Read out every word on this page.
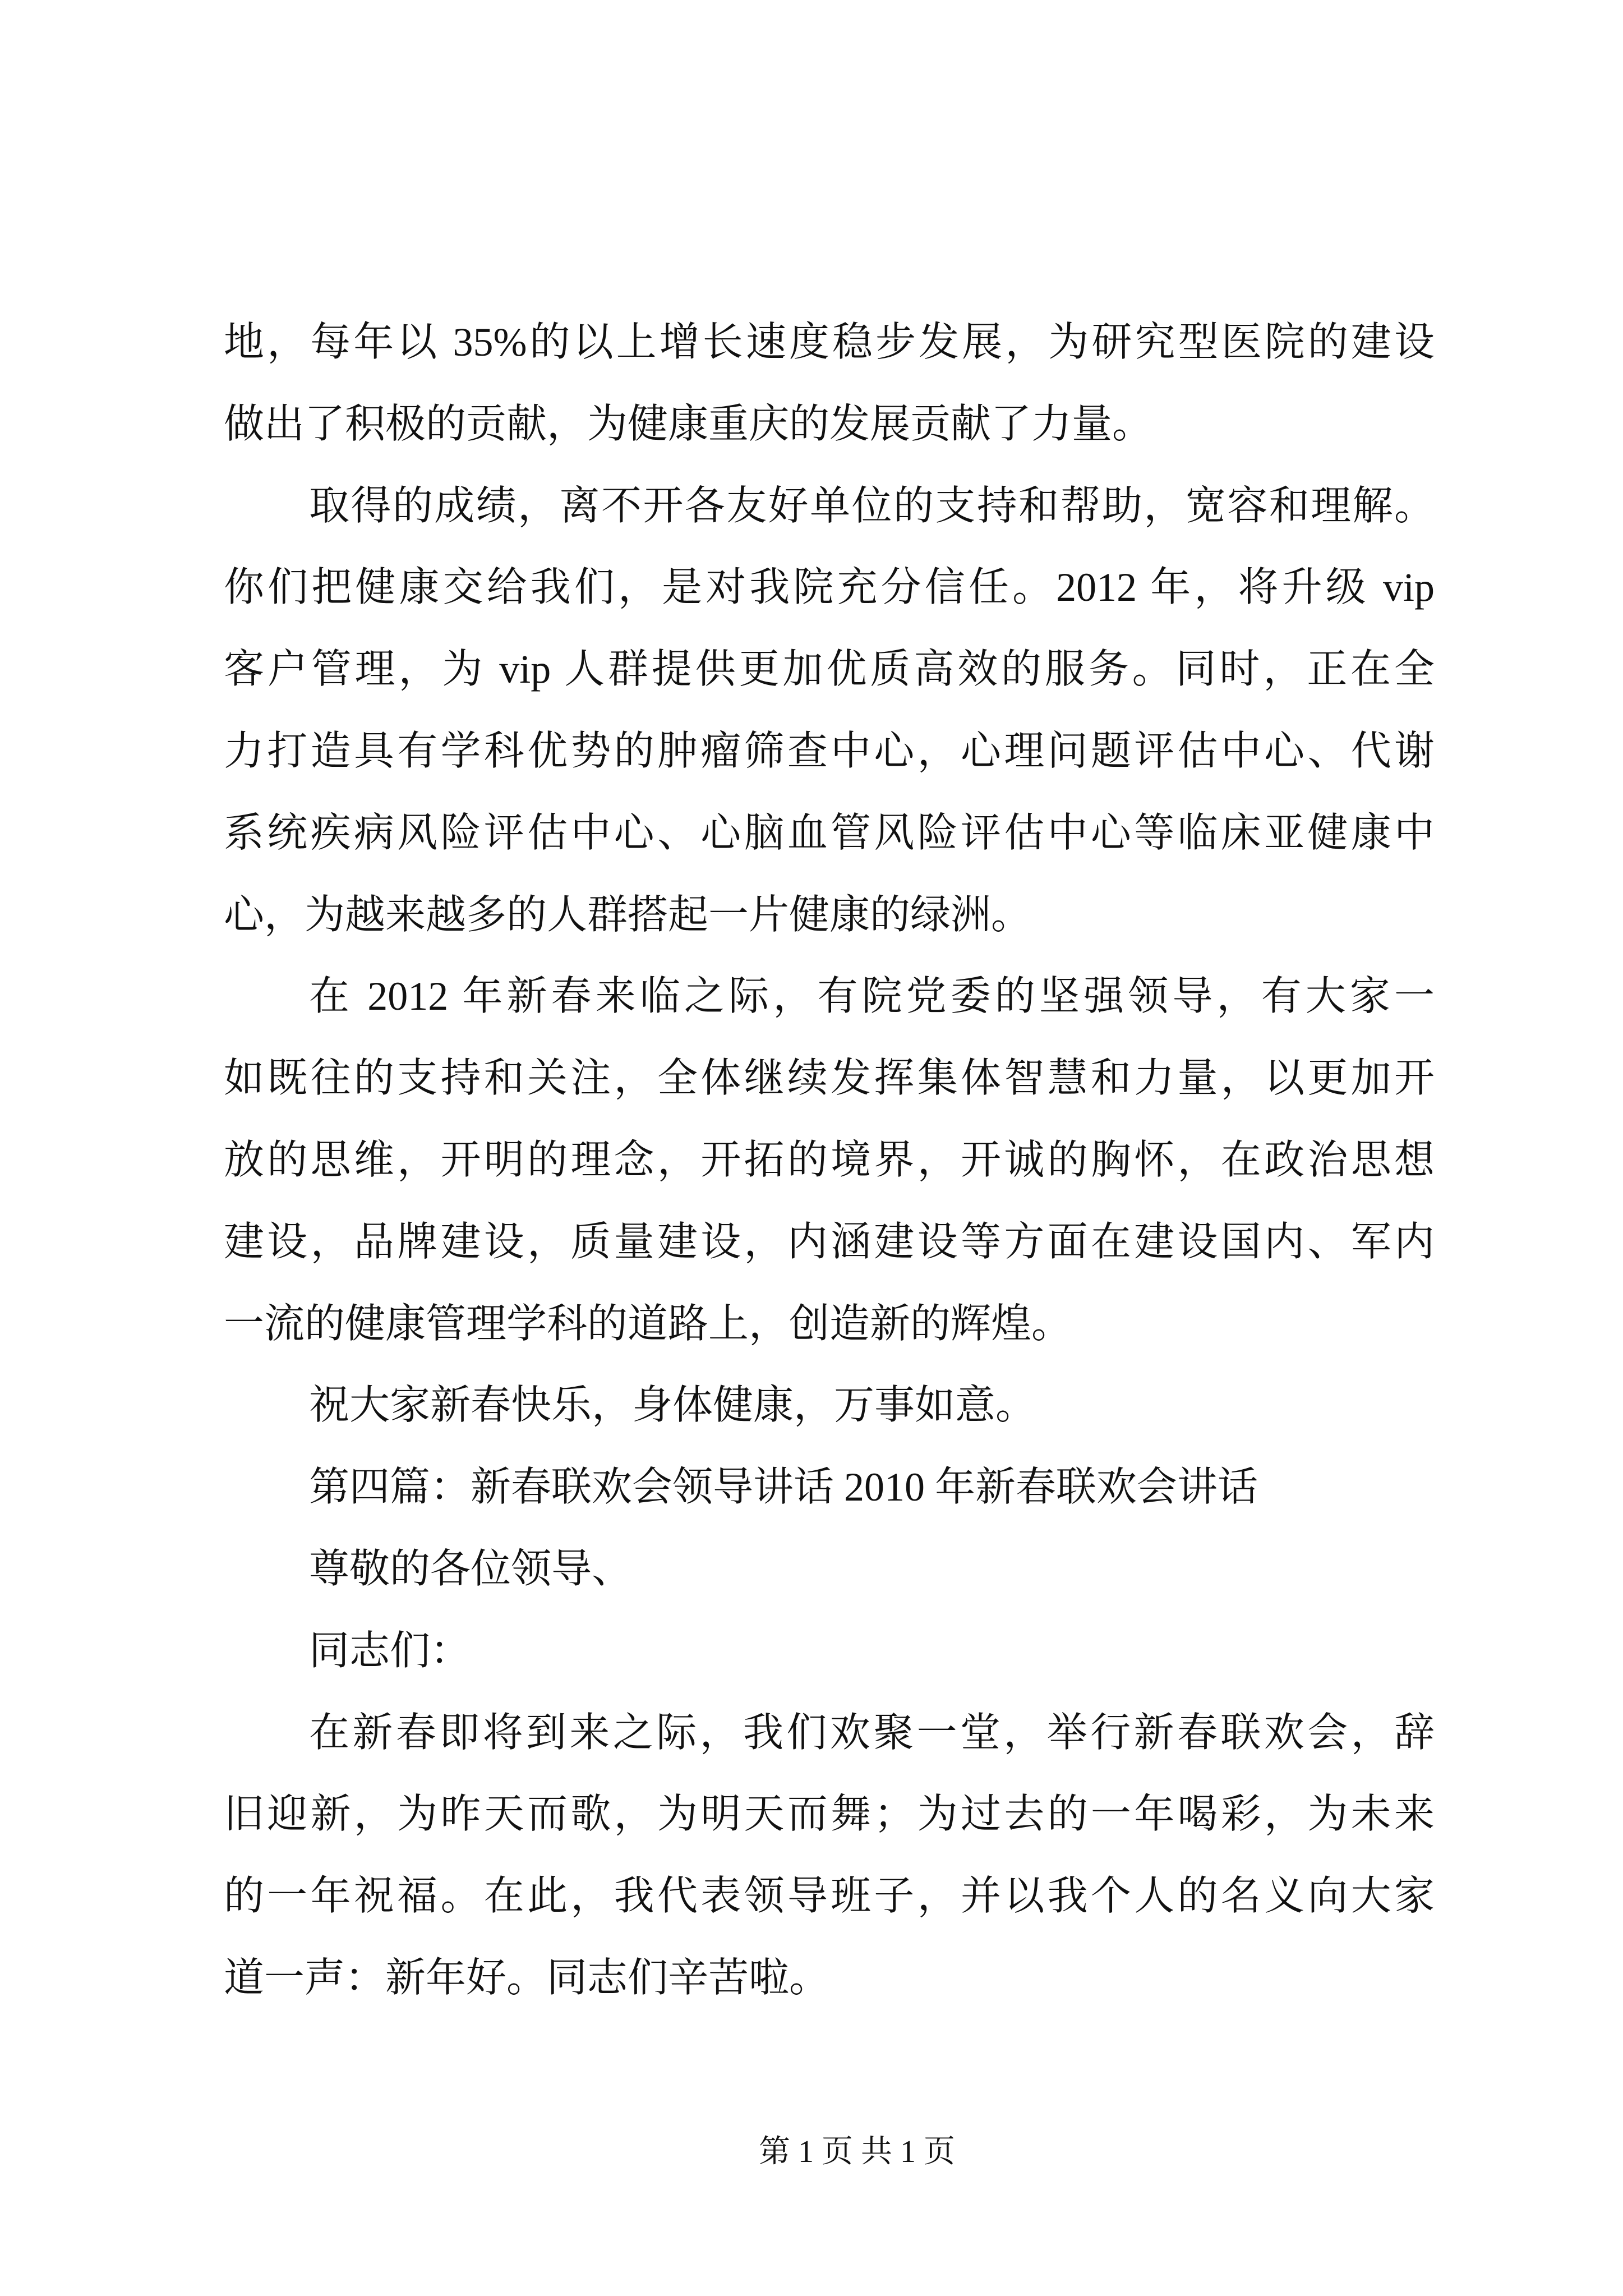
地，每年以 35%的以上增长速度稳步发展，为研究型医院的建设
做出了积极的贡献，为健康重庆的发展贡献了力量。
取得的成绩，离不开各友好单位的支持和帮助，宽容和理解。
你们把健康交给我们，是对我院充分信任。2012 年，将升级 vip
客户管理，为 vip 人群提供更加优质高效的服务。同时，正在全
力打造具有学科优势的肿瘤筛查中心，心理问题评估中心、代谢
系统疾病风险评估中心、心脑血管风险评估中心等临床亚健康中
心，为越来越多的人群搭起一片健康的绿洲。
在 2012 年新春来临之际，有院党委的坚强领导，有大家一
如既往的支持和关注，全体继续发挥集体智慧和力量，以更加开
放的思维，开明的理念，开拓的境界，开诚的胸怀，在政治思想
建设，品牌建设，质量建设，内涵建设等方面在建设国内、军内
一流的健康管理学科的道路上，创造新的辉煌。
祝大家新春快乐，身体健康，万事如意。
第四篇：新春联欢会领导讲话 2010 年新春联欢会讲话
尊敬的各位领导、
同志们：
在新春即将到来之际，我们欢聚一堂，举行新春联欢会，辞
旧迎新，为昨天而歌，为明天而舞；为过去的一年喝彩，为未来
的一年祝福。在此，我代表领导班子，并以我个人的名义向大家
道一声：新年好。同志们辛苦啦。
第 1 页 共 1 页
